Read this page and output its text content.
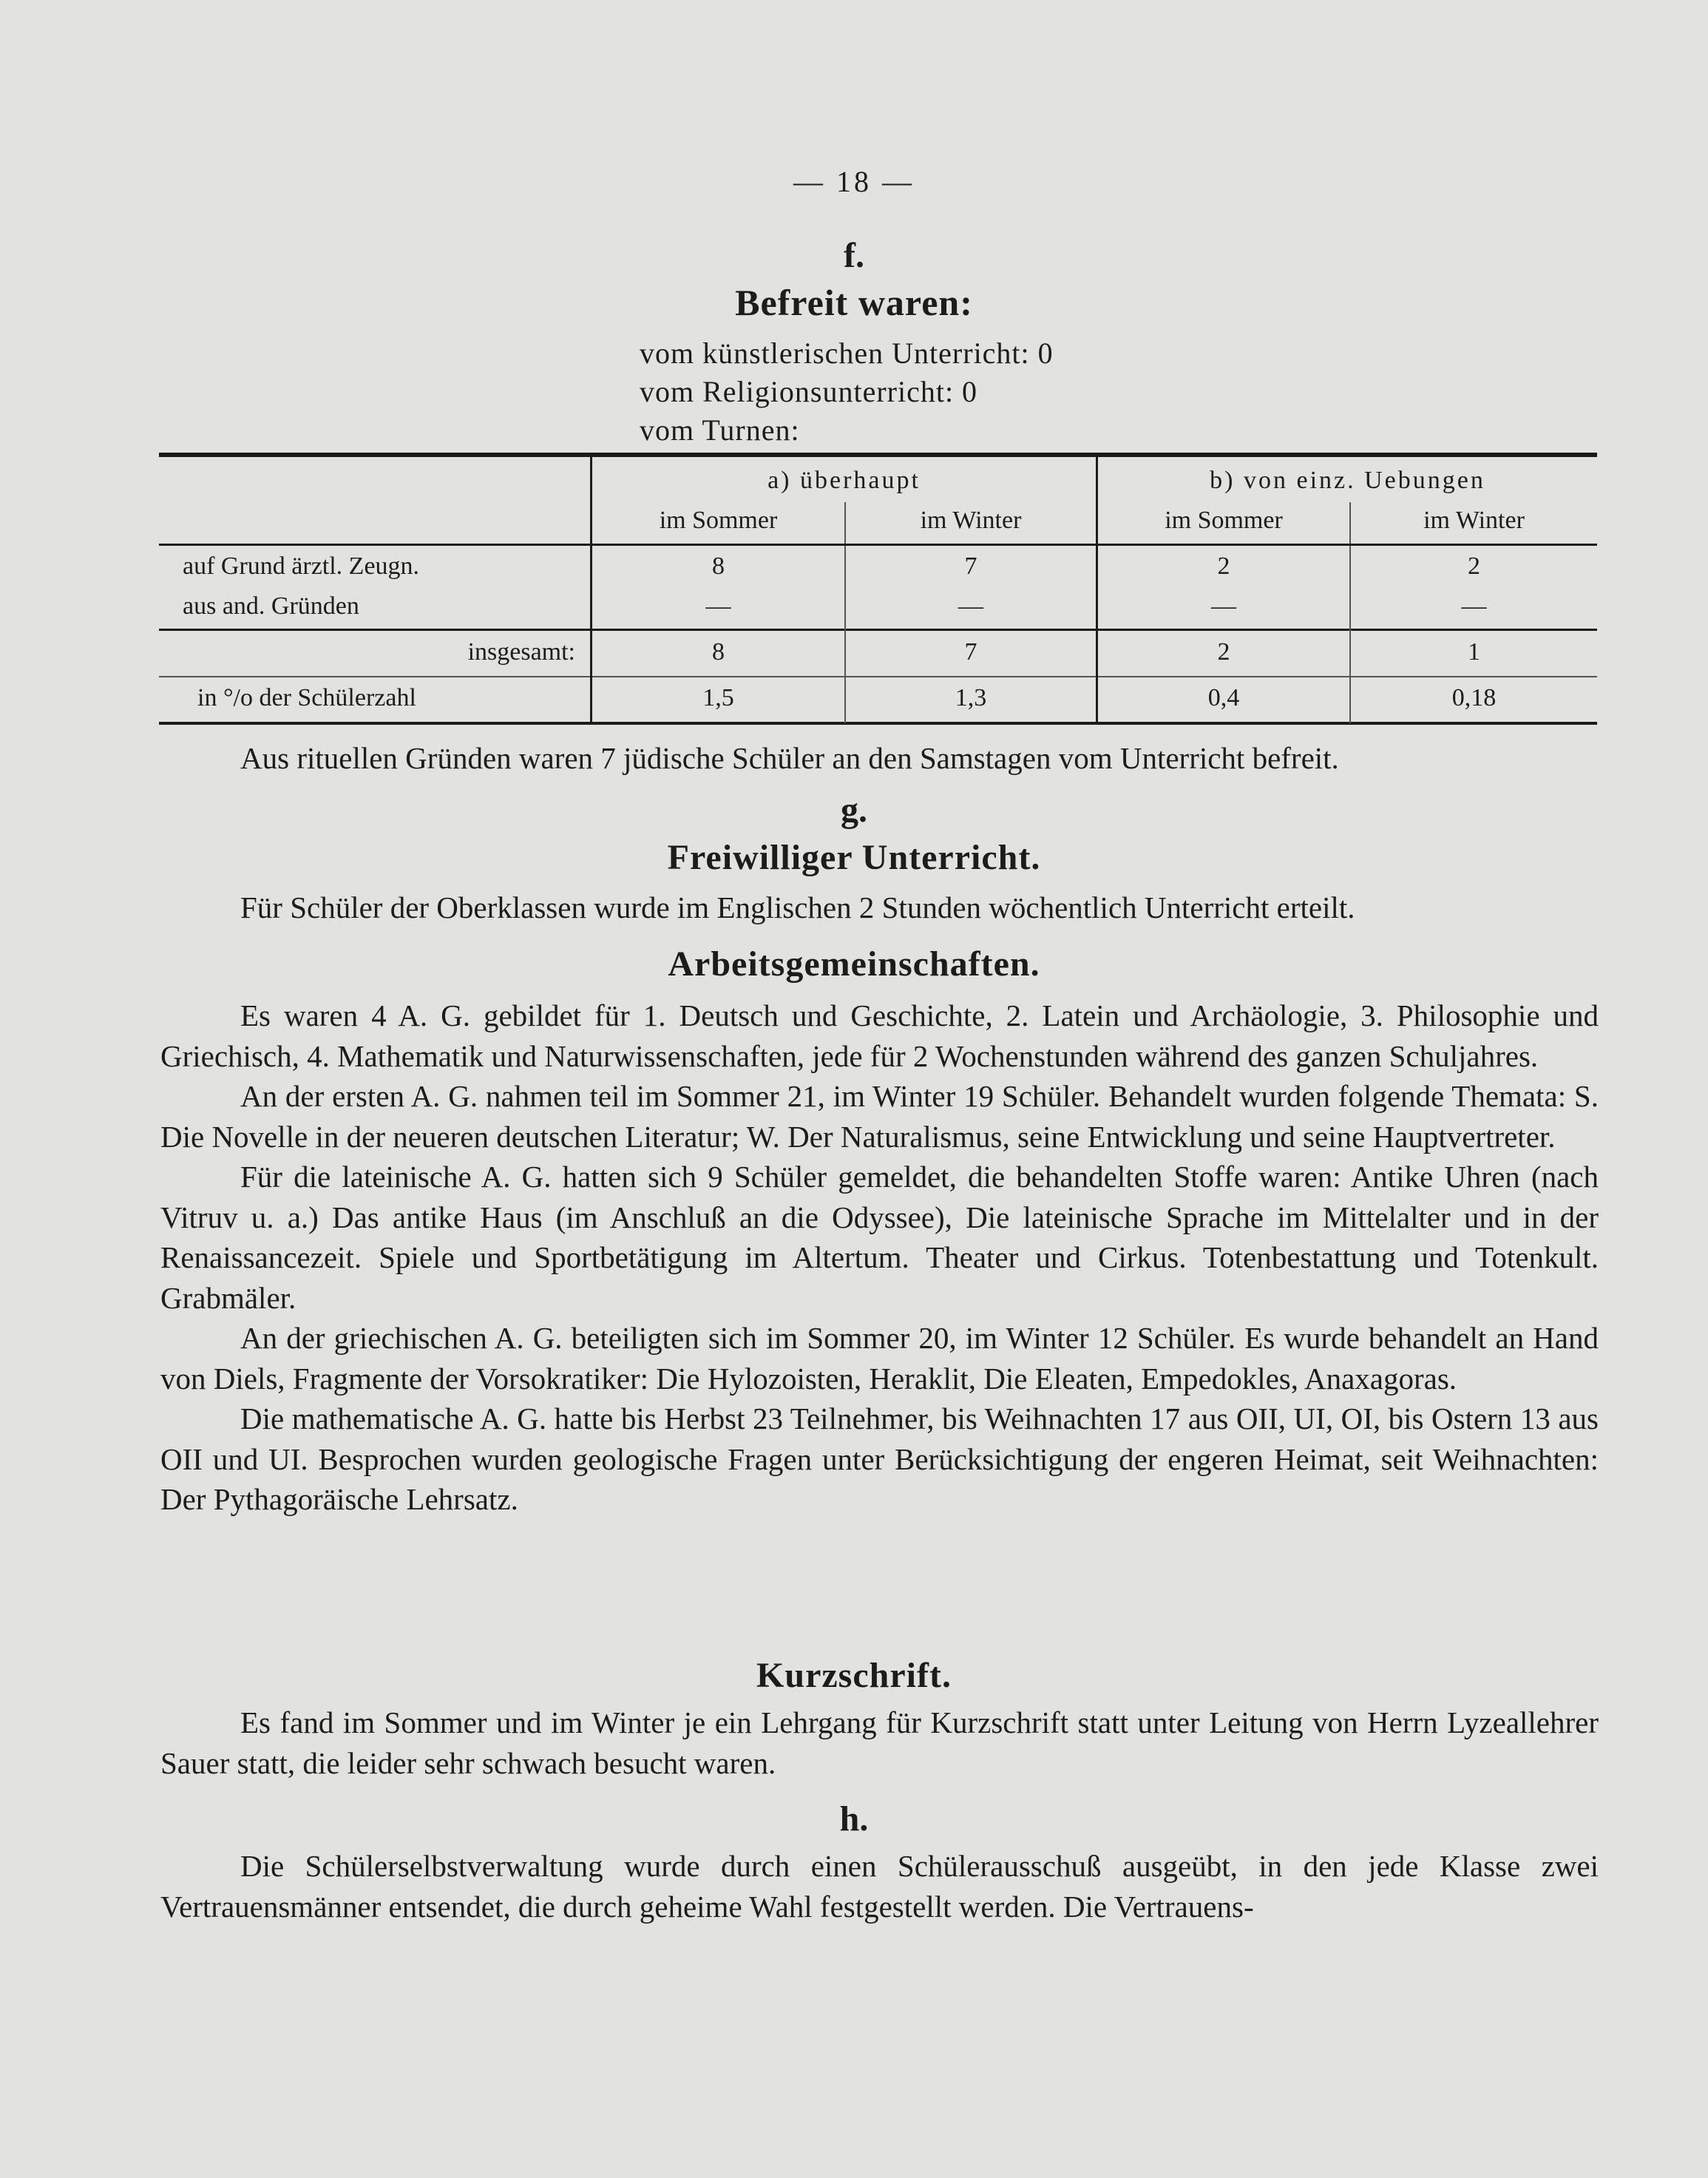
— 18 —
f.
Befreit waren:
vom künstlerischen Unterricht: 0
vom Religionsunterricht: 0
vom Turnen:
a) überhaupt	b) von einz. Uebungen
im Sommer	im Winter	im Sommer	im Winter
auf Grund ärztl. Zeugn.	8	7	2	2
aus and. Gründen	—	—	—	—
insgesamt:	8	7	2	1
in °/o der Schülerzahl	1,5	1,3	0,4	0,18

Aus rituellen Gründen waren 7 jüdische Schüler an den Samstagen vom Unterricht befreit.

g.
Freiwilliger Unterricht.

Für Schüler der Oberklassen wurde im Englischen 2 Stunden wöchentlich Unterricht erteilt.

Arbeitsgemeinschaften.

Es waren 4 A. G. gebildet für 1. Deutsch und Geschichte, 2. Latein und Archäologie, 3. Philosophie und Griechisch, 4. Mathematik und Naturwissenschaften, jede für 2 Wochenstunden während des ganzen Schuljahres.

An der ersten A. G. nahmen teil im Sommer 21, im Winter 19 Schüler. Behandelt wurden folgende Themata: S. Die Novelle in der neueren deutschen Literatur; W. Der Naturalismus, seine Entwicklung und seine Hauptvertreter.

Für die lateinische A. G. hatten sich 9 Schüler gemeldet, die behandelten Stoffe waren: Antike Uhren (nach Vitruv u. a.) Das antike Haus (im Anschluß an die Odyssee), Die lateinische Sprache im Mittelalter und in der Renaissancezeit. Spiele und Sportbetätigung im Altertum. Theater und Cirkus. Totenbestattung und Totenkult. Grabmäler.

An der griechischen A. G. beteiligten sich im Sommer 20, im Winter 12 Schüler. Es wurde behandelt an Hand von Diels, Fragmente der Vorsokratiker: Die Hylozoisten, Heraklit, Die Eleaten, Empedokles, Anaxagoras.

Die mathematische A. G. hatte bis Herbst 23 Teilnehmer, bis Weihnachten 17 aus OII, UI, OI, bis Ostern 13 aus OII und UI. Besprochen wurden geologische Fragen unter Berücksichtigung der engeren Heimat, seit Weihnachten: Der Pythagoräische Lehrsatz.

Kurzschrift.

Es fand im Sommer und im Winter je ein Lehrgang für Kurzschrift statt unter Leitung von Herrn Lyzeallehrer Sauer statt, die leider sehr schwach besucht waren.

h.

Die Schülerselbstverwaltung wurde durch einen Schülerausschuß ausgeübt, in den jede Klasse zwei Vertrauensmänner entsendet, die durch geheime Wahl festgestellt werden. Die Vertrauens-
